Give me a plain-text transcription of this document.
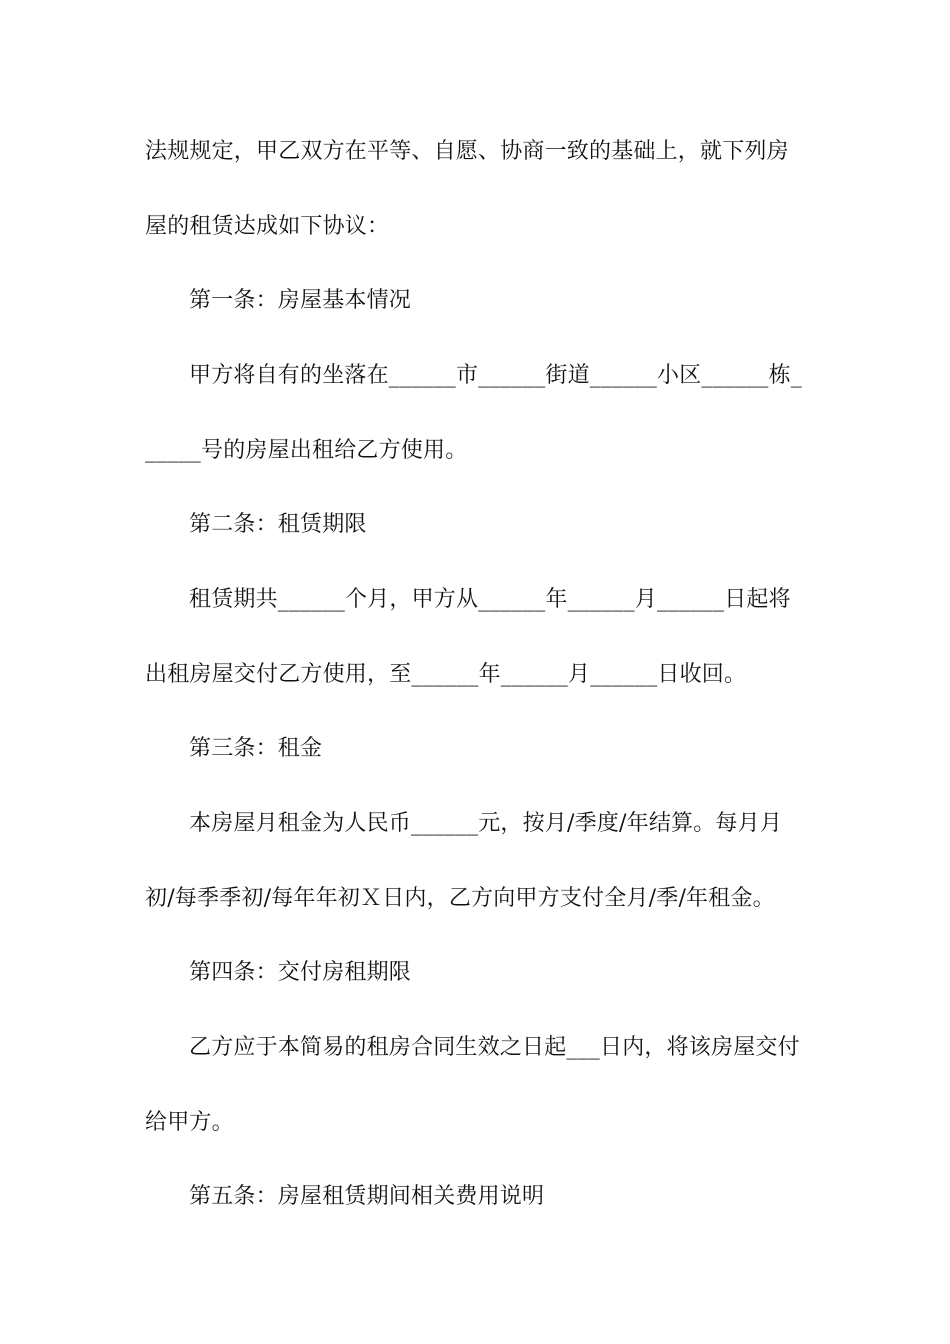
法规规定，甲乙双方在平等、自愿、协商一致的基础上，就下列房
屋的租赁达成如下协议：
第一条：房屋基本情况
甲方将自有的坐落在______市______街道______小区______栋_
_____号的房屋出租给乙方使用。
第二条：租赁期限
租赁期共______个月，甲方从______年______月______日起将
出租房屋交付乙方使用，至______年______月______日收回。
第三条：租金
本房屋月租金为人民币______元，按月/季度/年结算。每月月
初/每季季初/每年年初Ｘ日内，乙方向甲方支付全月/季/年租金。
第四条：交付房租期限
乙方应于本简易的租房合同生效之日起___日内，将该房屋交付
给甲方。
第五条：房屋租赁期间相关费用说明
